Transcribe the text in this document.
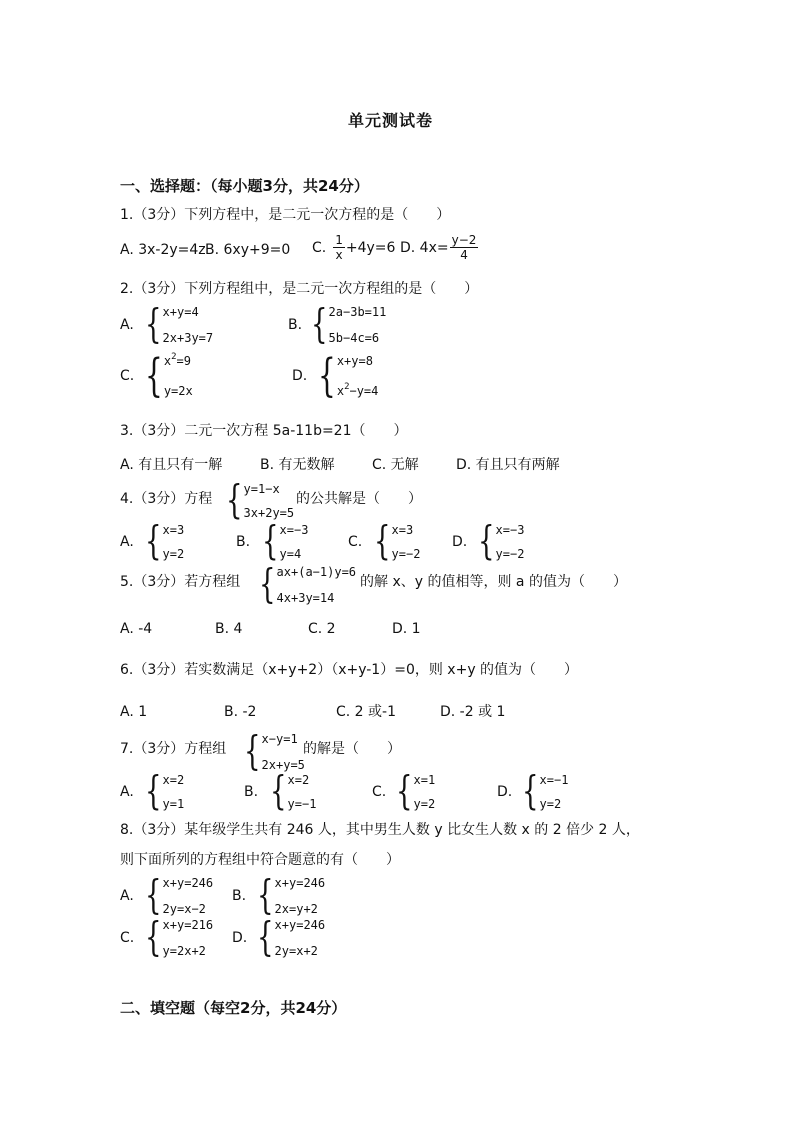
单元测试卷
一、选择题：（每小题3分，共24分）
1.（3分）下列方程中，是二元一次方程的是（　　）
A. 3x-2y=4z B. 6xy+9=0 C. $\frac{1}{x} +4y=6$ D. $4x= \frac{y-2}{4}$
2.（3分）下列方程组中，是二元一次方程组的是（　　）
A. { x+y=4
2x+3y=7
B. { 2a−3b=11
5b−4c=6
C. { $x^2=9$
y=2x
D. { x+y=8
$x^2-y=4$
3.（3分）二元一次方程 5a-11b=21（　　）
A. 有且只有一解	B. 有无数解	C. 无解	D. 有且只有两解
4.（3分）方程 { y=1−x
3x+2y=5
的公共解是（　　）
A. { x=3
y=2
B. { x=−3
y=4
C. { x=3
y=−2
D. { x=−3
y=−2
5.（3分）若方程组 { ax+(a−1)y=6
4x+3y=14
的解 x、y 的值相等，则 a 的值为（　　）
A. -4	B. 4	C. 2	D. 1
6.（3分）若实数满足（x+y+2）（x+y-1）=0，则 x+y 的值为（　　）
A. 1	B. -2	C. 2 或-1	D. -2 或 1
7.（3分）方程组 { x−y=1
2x+y=5
的解是（　　）
A. { x=2
y=1
B. { x=2
y=−1
C. { x=1
y=2
D. { x=−1
y=2
8.（3分）某年级学生共有 246 人，其中男生人数 y 比女生人数 x 的 2 倍少 2 人，
则下面所列的方程组中符合题意的有（　　）
A. { x+y=246
2y=x−2
B. { x+y=246
2x=y+2
C. { x+y=216
y=2x+2
D. { x+y=246
2y=x+2
二、填空题（每空2分，共24分）
